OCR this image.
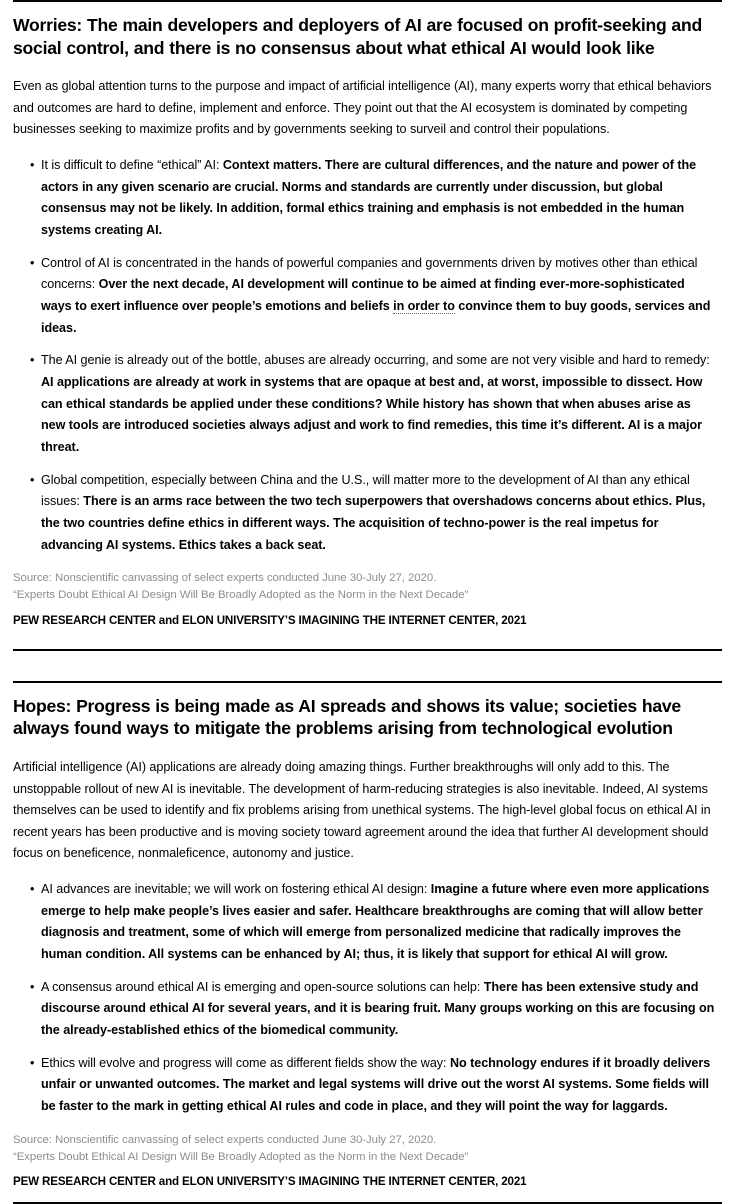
Worries: The main developers and deployers of AI are focused on profit-seeking and social control, and there is no consensus about what ethical AI would look like

Even as global attention turns to the purpose and impact of artificial intelligence (AI), many experts worry that ethical behaviors and outcomes are hard to define, implement and enforce. They point out that the AI ecosystem is dominated by competing businesses seeking to maximize profits and by governments seeking to surveil and control their populations.

• It is difficult to define “ethical” AI: Context matters. There are cultural differences, and the nature and power of the actors in any given scenario are crucial. Norms and standards are currently under discussion, but global consensus may not be likely. In addition, formal ethics training and emphasis is not embedded in the human systems creating AI.
• Control of AI is concentrated in the hands of powerful companies and governments driven by motives other than ethical concerns: Over the next decade, AI development will continue to be aimed at finding ever-more-sophisticated ways to exert influence over people’s emotions and beliefs in order to convince them to buy goods, services and ideas.
• The AI genie is already out of the bottle, abuses are already occurring, and some are not very visible and hard to remedy: AI applications are already at work in systems that are opaque at best and, at worst, impossible to dissect. How can ethical standards be applied under these conditions? While history has shown that when abuses arise as new tools are introduced societies always adjust and work to find remedies, this time it’s different. AI is a major threat.
• Global competition, especially between China and the U.S., will matter more to the development of AI than any ethical issues: There is an arms race between the two tech superpowers that overshadows concerns about ethics. Plus, the two countries define ethics in different ways. The acquisition of techno-power is the real impetus for advancing AI systems. Ethics takes a back seat.
Source: Nonscientific canvassing of select experts conducted June 30-July 27, 2020.
“Experts Doubt Ethical AI Design Will Be Broadly Adopted as the Norm in the Next Decade”
PEW RESEARCH CENTER and ELON UNIVERSITY’S IMAGINING THE INTERNET CENTER, 2021
Hopes: Progress is being made as AI spreads and shows its value; societies have always found ways to mitigate the problems arising from technological evolution

Artificial intelligence (AI) applications are already doing amazing things. Further breakthroughs will only add to this. The unstoppable rollout of new AI is inevitable. The development of harm-reducing strategies is also inevitable. Indeed, AI systems themselves can be used to identify and fix problems arising from unethical systems. The high-level global focus on ethical AI in recent years has been productive and is moving society toward agreement around the idea that further AI development should focus on beneficence, nonmaleficence, autonomy and justice.

• AI advances are inevitable; we will work on fostering ethical AI design: Imagine a future where even more applications emerge to help make people’s lives easier and safer. Healthcare breakthroughs are coming that will allow better diagnosis and treatment, some of which will emerge from personalized medicine that radically improves the human condition. All systems can be enhanced by AI; thus, it is likely that support for ethical AI will grow.
• A consensus around ethical AI is emerging and open-source solutions can help: There has been extensive study and discourse around ethical AI for several years, and it is bearing fruit. Many groups working on this are focusing on the already-established ethics of the biomedical community.
• Ethics will evolve and progress will come as different fields show the way: No technology endures if it broadly delivers unfair or unwanted outcomes. The market and legal systems will drive out the worst AI systems. Some fields will be faster to the mark in getting ethical AI rules and code in place, and they will point the way for laggards.
Source: Nonscientific canvassing of select experts conducted June 30-July 27, 2020.
“Experts Doubt Ethical AI Design Will Be Broadly Adopted as the Norm in the Next Decade”
PEW RESEARCH CENTER and ELON UNIVERSITY’S IMAGINING THE INTERNET CENTER, 2021
